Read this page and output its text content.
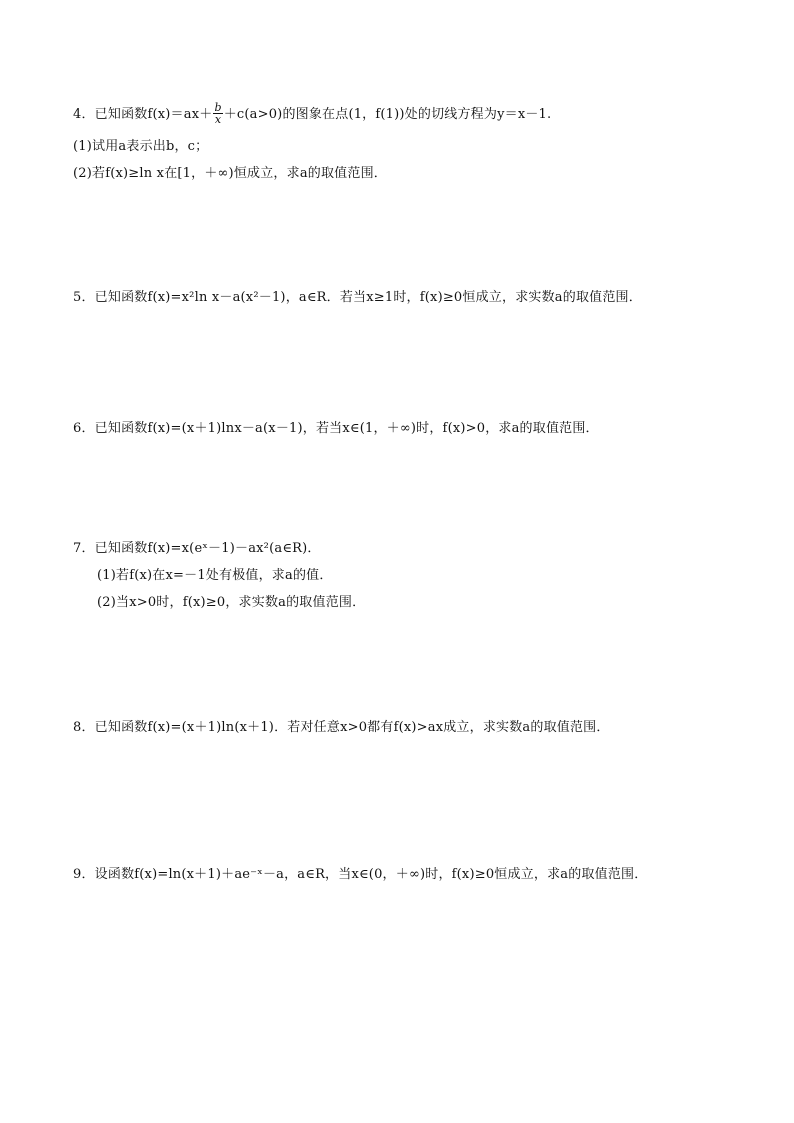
4．已知函数$f(x)=ax+ \frac{b}{x} +c(a>0)$的图象在点(1，f(1))处的切线方程为y＝x－1.
(1)试用a表示出b，c；
(2)若f(x)≥ln x在[1，＋∞)恒成立，求a的取值范围．
5．已知函数f(x)=x²ln x－a(x²－1)，a∈R．若当x≥1时，f(x)≥0恒成立，求实数a的取值范围．
6．已知函数f(x)=(x＋1)lnx－a(x－1)，若当x∈(1，＋∞)时，f(x)>0，求a的取值范围．
7．已知函数f(x)=x(eˣ－1)－ax²(a∈R)．
(1)若f(x)在x=－1处有极值，求a的值．
(2)当x>0时，f(x)≥0，求实数a的取值范围．
8．已知函数f(x)=(x＋1)ln(x＋1)．若对任意x>0都有f(x)>ax成立，求实数a的取值范围．
9．设函数f(x)=ln(x＋1)＋ae⁻ˣ－a，a∈R，当x∈(0，＋∞)时，f(x)≥0恒成立，求a的取值范围．
